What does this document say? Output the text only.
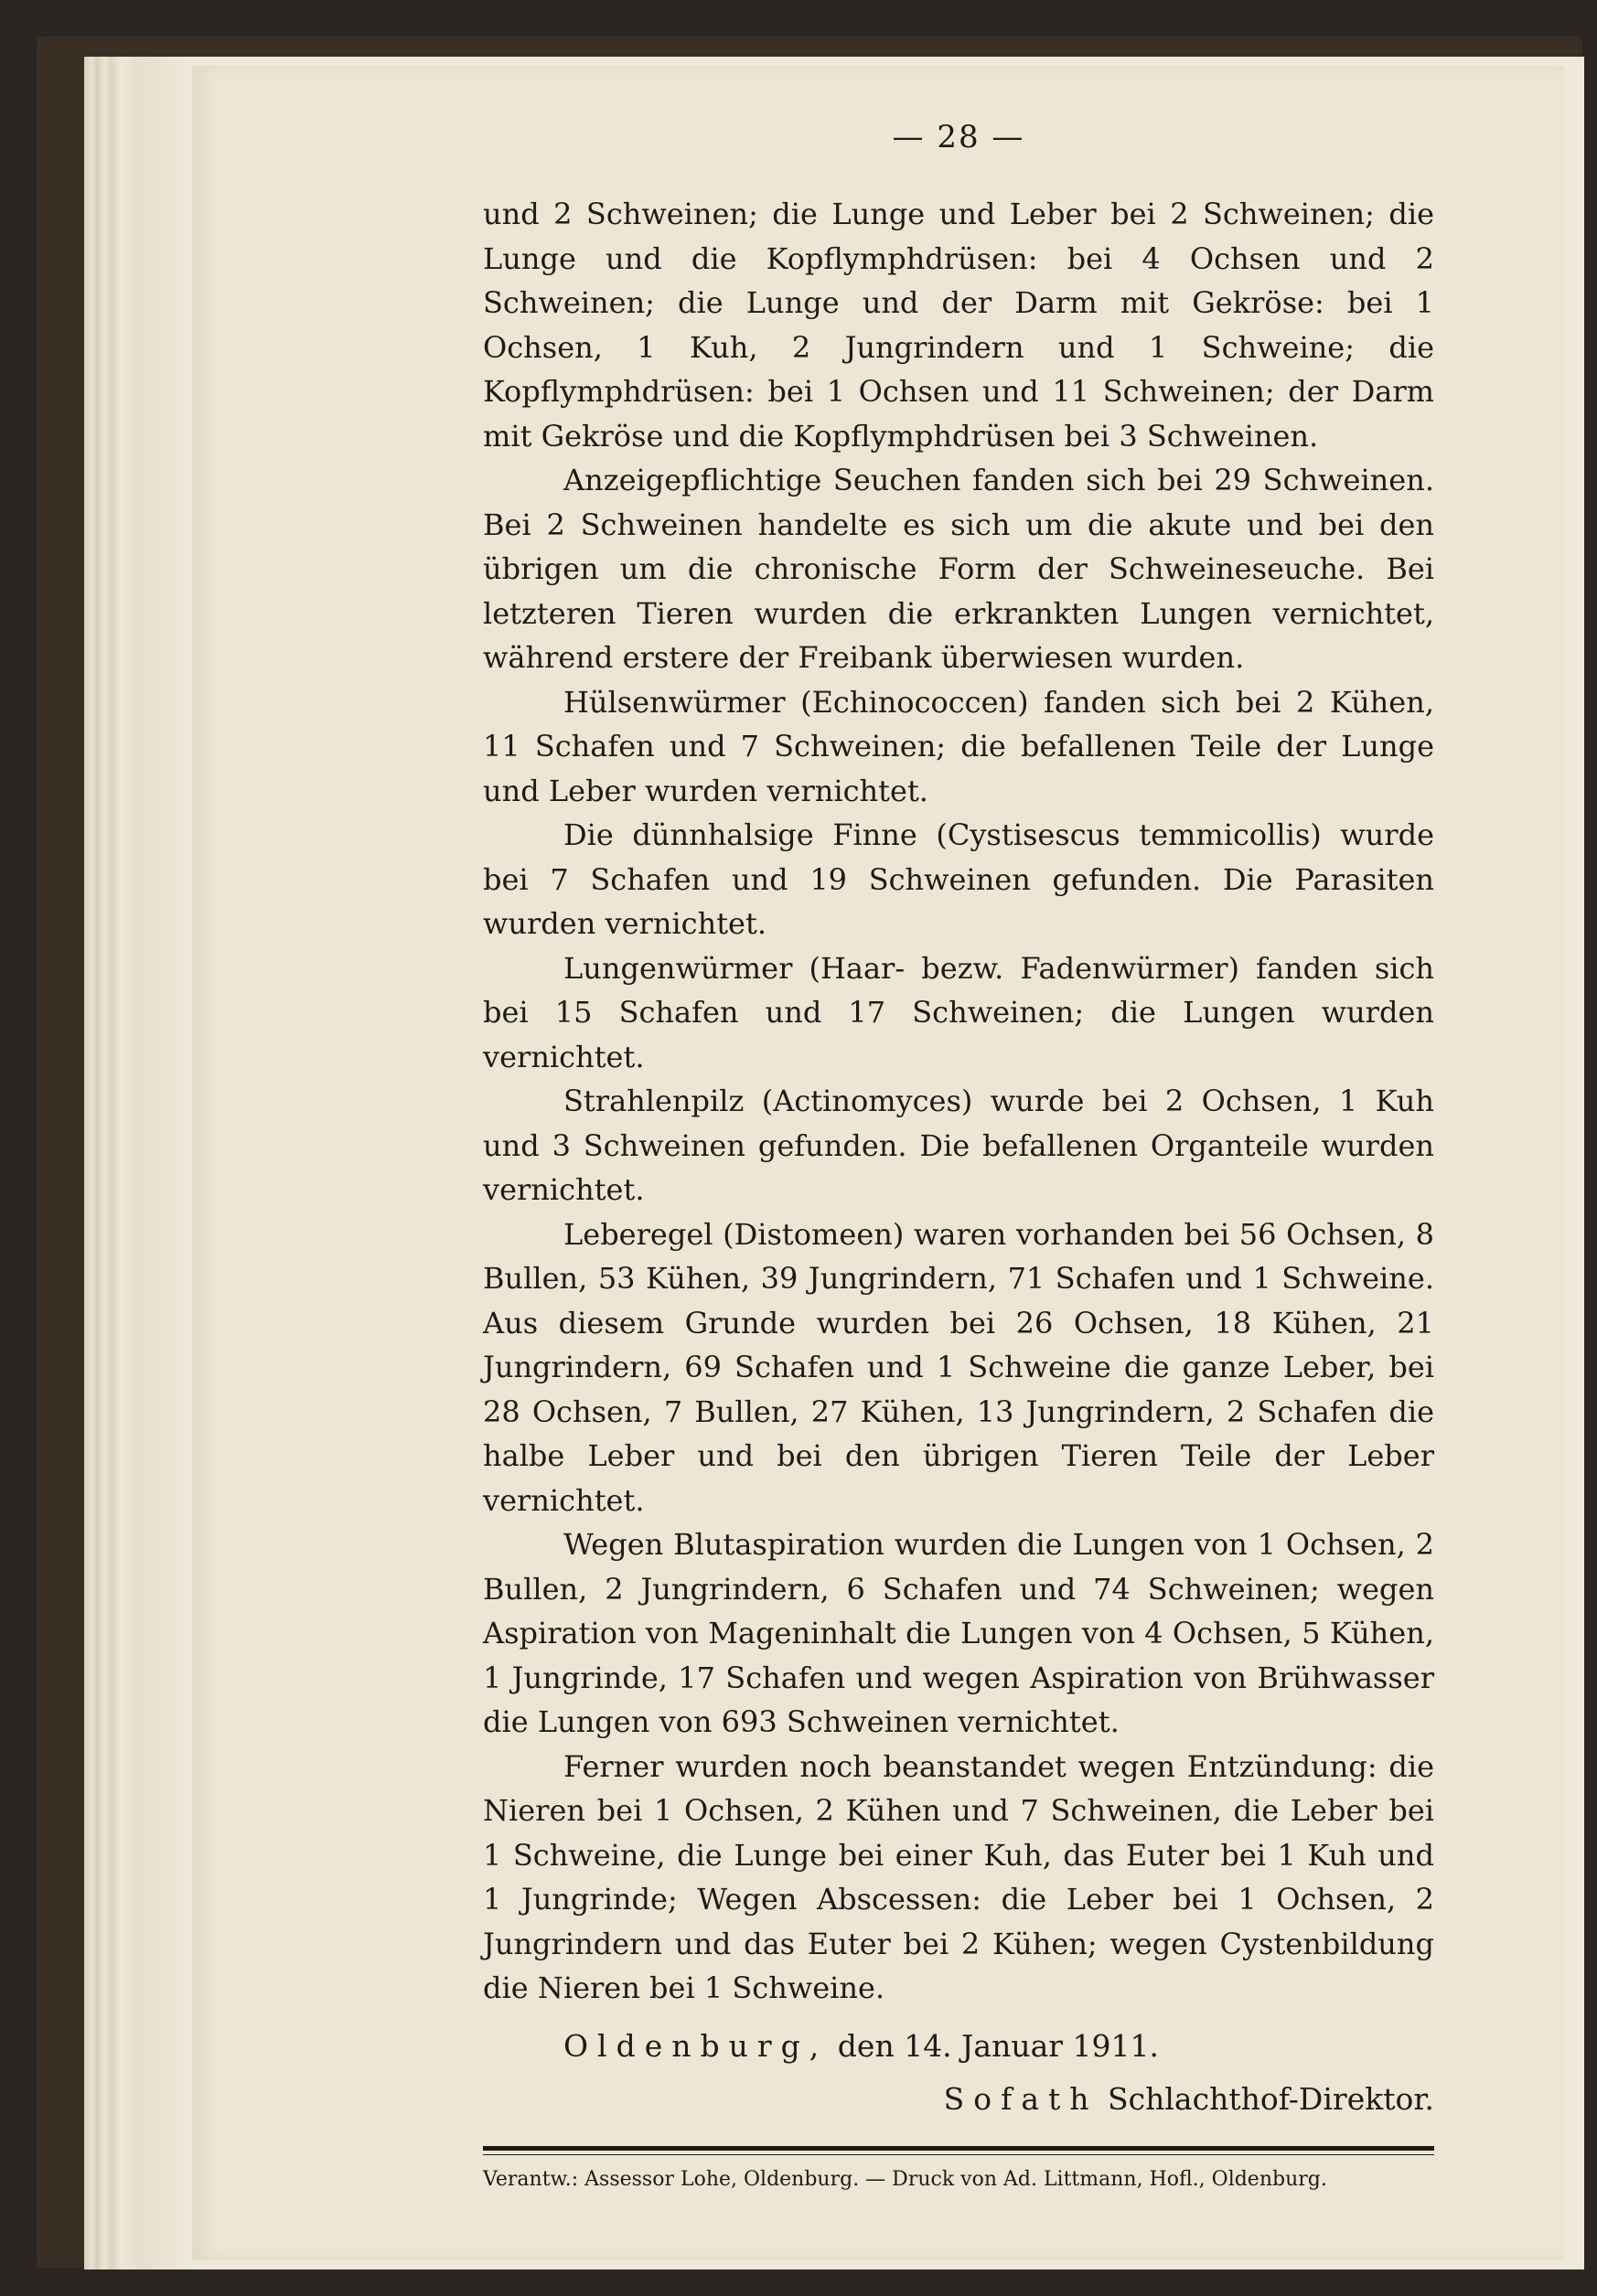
— 28 —

und 2 Schweinen; die Lunge und Leber bei 2 Schweinen; die Lunge und die Kopflymphdrüsen: bei 4 Ochsen und 2 Schweinen; die Lunge und der Darm mit Gekröse: bei 1 Ochsen, 1 Kuh, 2 Jungrindern und 1 Schweine; die Kopflymphdrüsen: bei 1 Ochsen und 11 Schweinen; der Darm mit Gekröse und die Kopflymphdrüsen bei 3 Schweinen.

Anzeigepflichtige Seuchen fanden sich bei 29 Schweinen. Bei 2 Schweinen handelte es sich um die akute und bei den übrigen um die chronische Form der Schweineseuche. Bei letzteren Tieren wurden die erkrankten Lungen vernichtet, während erstere der Freibank überwiesen wurden.

Hülsenwürmer (Echinococcen) fanden sich bei 2 Kühen, 11 Schafen und 7 Schweinen; die befallenen Teile der Lunge und Leber wurden vernichtet.

Die dünnhalsige Finne (Cystisescus temmicollis) wurde bei 7 Schafen und 19 Schweinen gefunden. Die Parasiten wurden vernichtet.

Lungenwürmer (Haar- bezw. Fadenwürmer) fanden sich bei 15 Schafen und 17 Schweinen; die Lungen wurden vernichtet.

Strahlenpilz (Actinomyces) wurde bei 2 Ochsen, 1 Kuh und 3 Schweinen gefunden. Die befallenen Organteile wurden vernichtet.

Leberegel (Distomeen) waren vorhanden bei 56 Ochsen, 8 Bullen, 53 Kühen, 39 Jungrindern, 71 Schafen und 1 Schweine. Aus diesem Grunde wurden bei 26 Ochsen, 18 Kühen, 21 Jungrindern, 69 Schafen und 1 Schweine die ganze Leber, bei 28 Ochsen, 7 Bullen, 27 Kühen, 13 Jungrindern, 2 Schafen die halbe Leber und bei den übrigen Tieren Teile der Leber vernichtet.

Wegen Blutaspiration wurden die Lungen von 1 Ochsen, 2 Bullen, 2 Jungrindern, 6 Schafen und 74 Schweinen; wegen Aspiration von Mageninhalt die Lungen von 4 Ochsen, 5 Kühen, 1 Jungrinde, 17 Schafen und wegen Aspiration von Brühwasser die Lungen von 693 Schweinen vernichtet.

Ferner wurden noch beanstandet wegen Entzündung: die Nieren bei 1 Ochsen, 2 Kühen und 7 Schweinen, die Leber bei 1 Schweine, die Lunge bei einer Kuh, das Euter bei 1 Kuh und 1 Jungrinde; Wegen Abscessen: die Leber bei 1 Ochsen, 2 Jungrindern und das Euter bei 2 Kühen; wegen Cystenbildung die Nieren bei 1 Schweine.

Oldenburg, den 14. Januar 1911.
Sofath Schlachthof-Direktor.
Verantw.: Assessor Lohe, Oldenburg. — Druck von Ad. Littmann, Hofl., Oldenburg.
